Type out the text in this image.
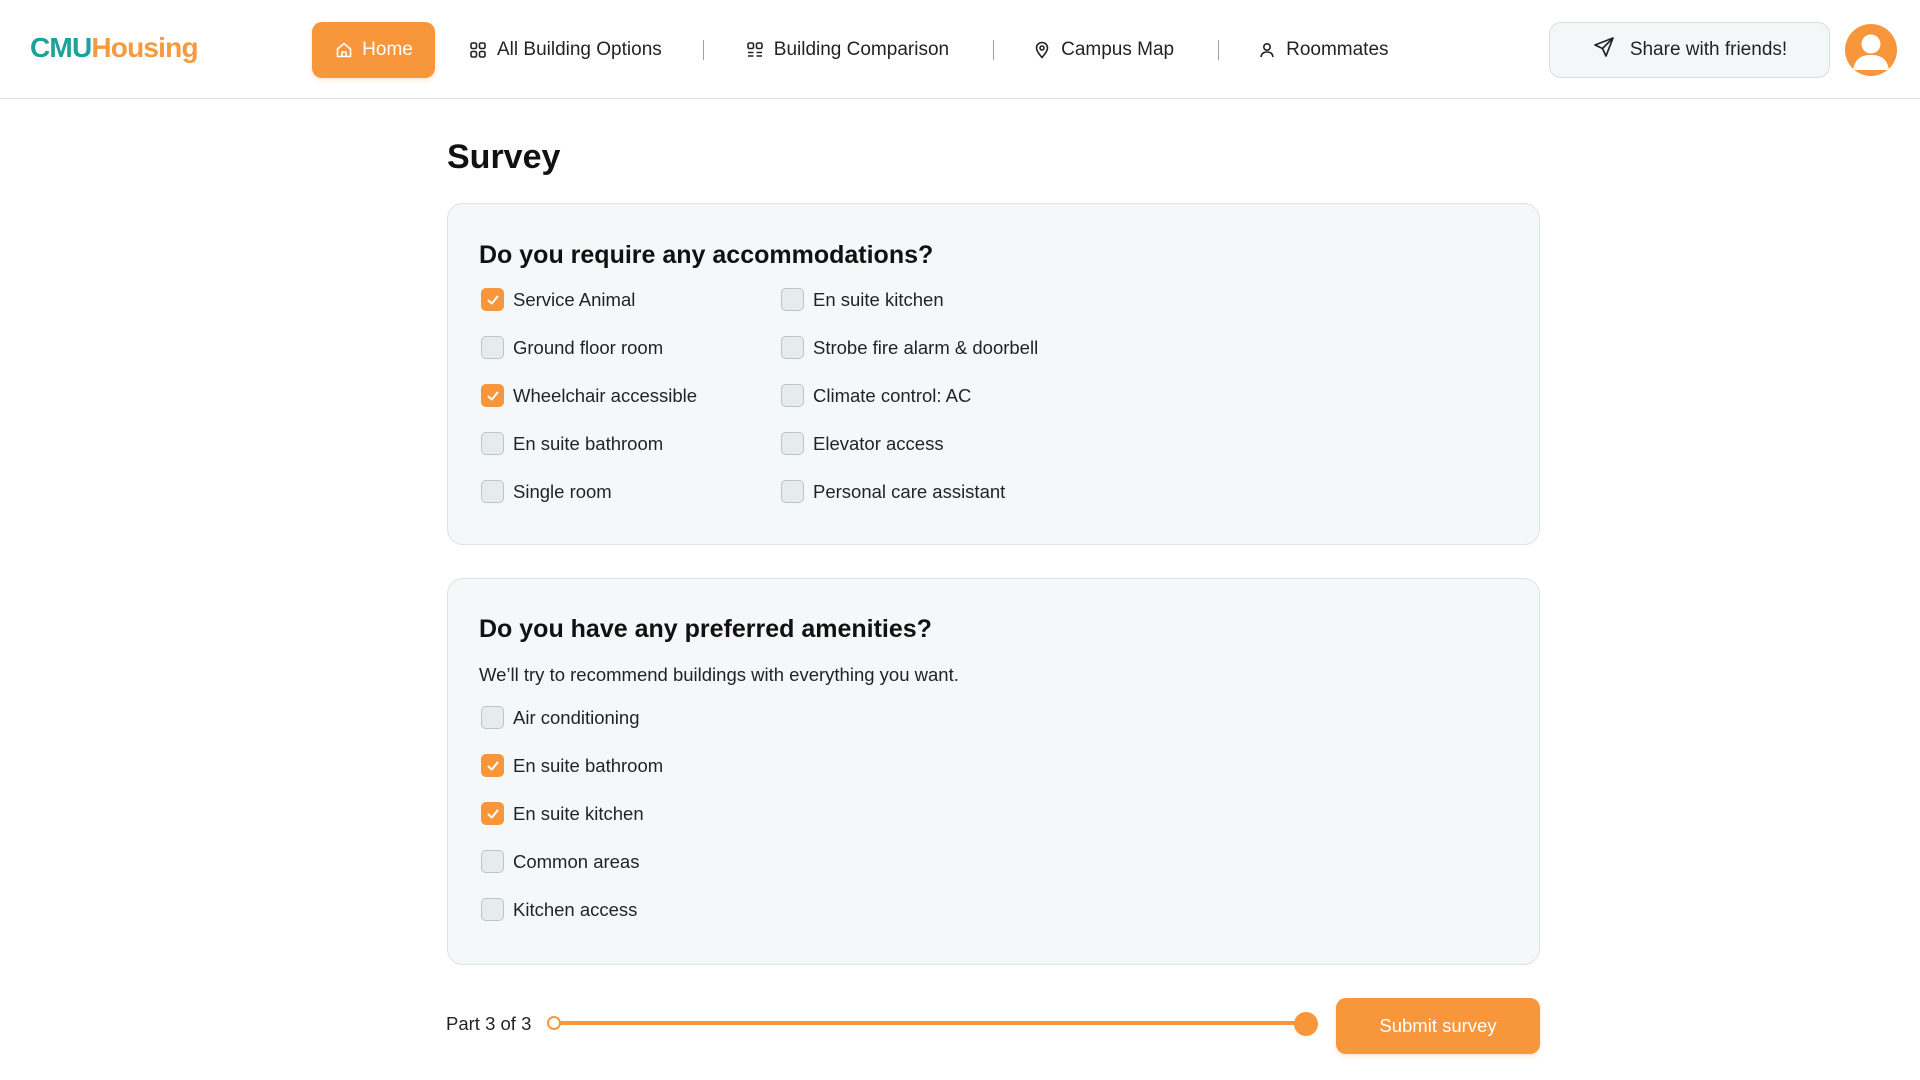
CMUHousing	Home	All Building Options	Building Comparison	Campus Map	Roommates	Share with friends!
Survey
Do you require any accommodations?
Service Animal
Ground floor room
Wheelchair accessible
En suite bathroom
Single room
En suite kitchen
Strobe fire alarm & doorbell
Climate control: AC
Elevator access
Personal care assistant
Do you have any preferred amenities?
We’ll try to recommend buildings with everything you want.
Air conditioning
En suite bathroom
En suite kitchen
Common areas
Kitchen access
Part 3 of 3	Submit survey
